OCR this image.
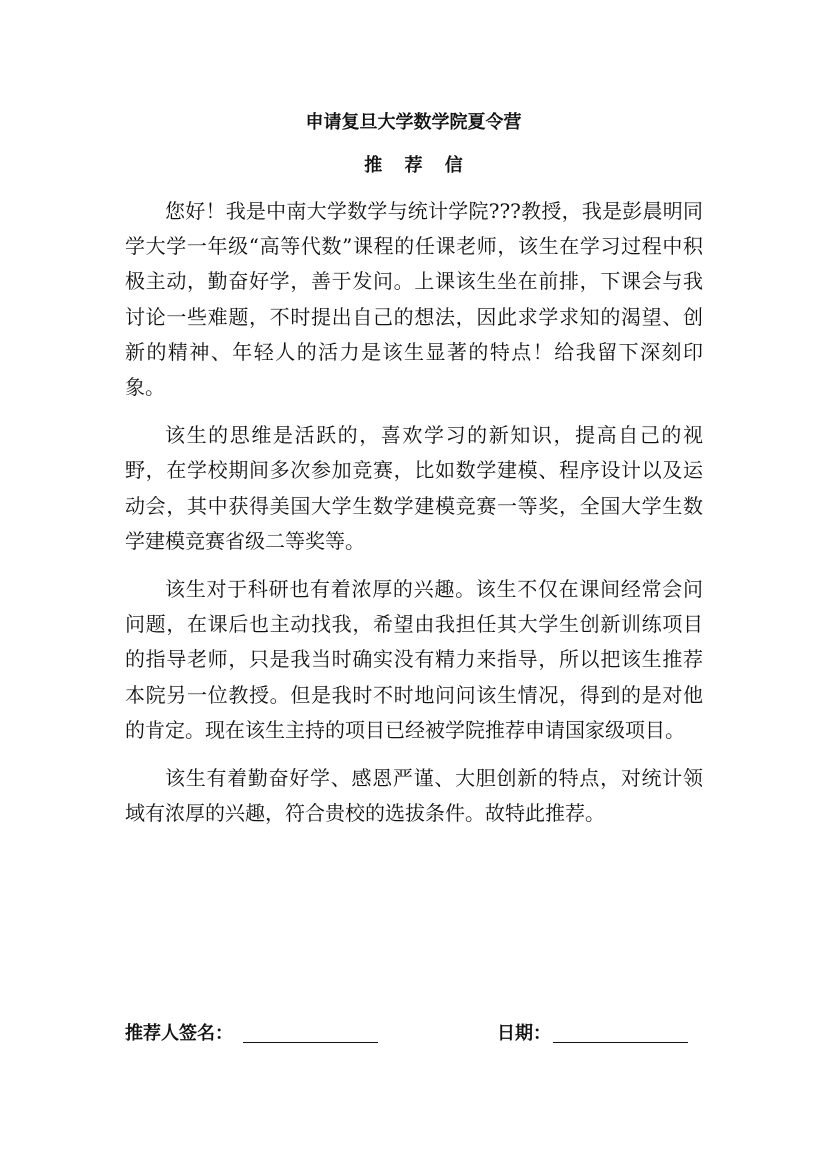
申请复旦大学数学院夏令营
推 荐 信

您好！我是中南大学数学与统计学院???教授，我是彭晨明同学大学一年级“高等代数”课程的任课老师，该生在学习过程中积极主动，勤奋好学，善于发问。上课该生坐在前排，下课会与我讨论一些难题，不时提出自己的想法，因此求学求知的渴望、创新的精神、年轻人的活力是该生显著的特点！给我留下深刻印象。

该生的思维是活跃的，喜欢学习的新知识，提高自己的视野，在学校期间多次参加竞赛，比如数学建模、程序设计以及运动会，其中获得美国大学生数学建模竞赛一等奖，全国大学生数学建模竞赛省级二等奖等。

该生对于科研也有着浓厚的兴趣。该生不仅在课间经常会问问题，在课后也主动找我，希望由我担任其大学生创新训练项目的指导老师，只是我当时确实没有精力来指导，所以把该生推荐本院另一位教授。但是我时不时地问问该生情况，得到的是对他的肯定。现在该生主持的项目已经被学院推荐申请国家级项目。

该生有着勤奋好学、感恩严谨、大胆创新的特点，对统计领域有浓厚的兴趣，符合贵校的选拔条件。故特此推荐。

推荐人签名：	日期：
